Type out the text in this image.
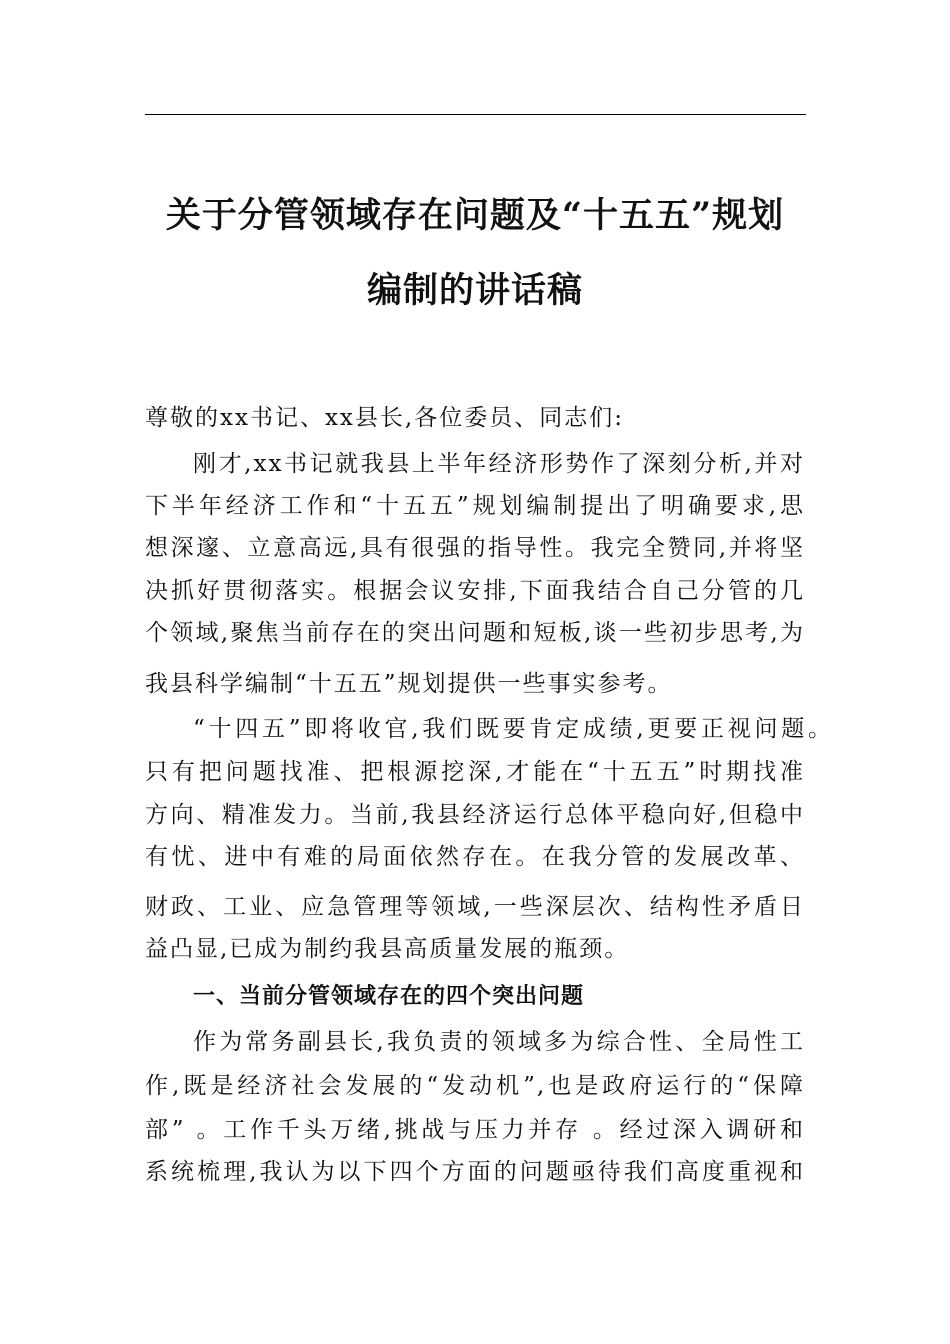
关于分管领域存在问题及“十五五”规划
编制的讲话稿
尊敬的xx书记、xx县长,各位委员、同志们:
刚才,xx书记就我县上半年经济形势作了深刻分析,并对
下半年经济工作和“十五五”规划编制提出了明确要求,思
想深邃、立意高远,具有很强的指导性。我完全赞同,并将坚
决抓好贯彻落实。根据会议安排,下面我结合自己分管的几
个领域,聚焦当前存在的突出问题和短板,谈一些初步思考,为
我县科学编制“十五五”规划提供一些事实参考。
“十四五”即将收官,我们既要肯定成绩,更要正视问题。
只有把问题找准、把根源挖深,才能在“十五五”时期找准
方向、精准发力。当前,我县经济运行总体平稳向好,但稳中
有忧、进中有难的局面依然存在。在我分管的发展改革、
财政、工业、应急管理等领域,一些深层次、结构性矛盾日
益凸显,已成为制约我县高质量发展的瓶颈。
一、当前分管领域存在的四个突出问题
作为常务副县长,我负责的领域多为综合性、全局性工
作,既是经济社会发展的“发动机”,也是政府运行的“保障
部” 。工作千头万绪,挑战与压力并存 。经过深入调研和
系统梳理,我认为以下四个方面的问题亟待我们高度重视和
